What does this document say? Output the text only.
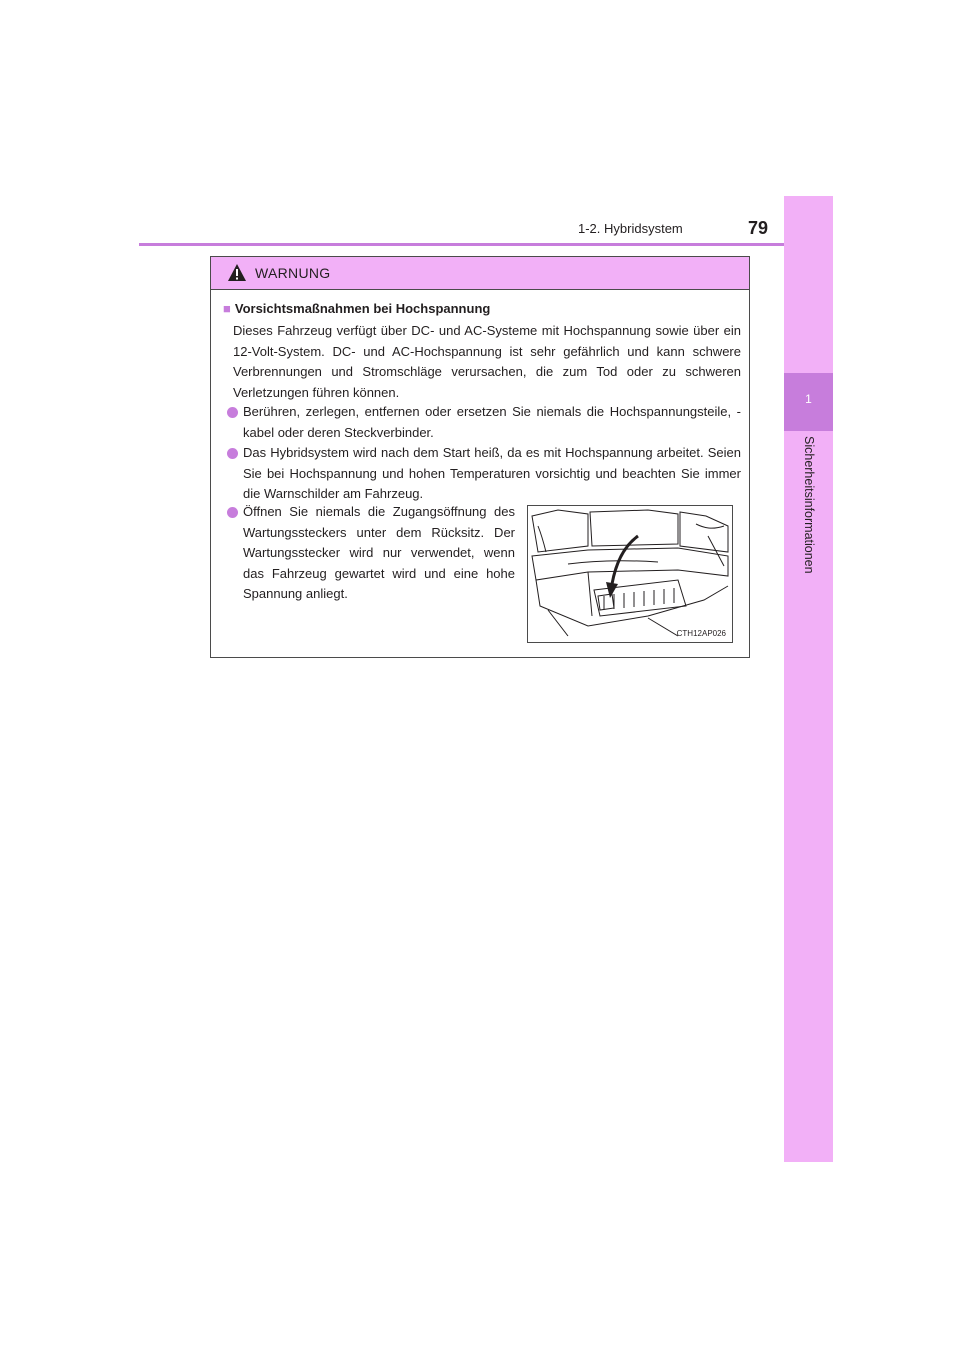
1-2. Hybridsystem	79
1
Sicherheitsinformationen
WARNUNG
■ Vorsichtsmaßnahmen bei Hochspannung
Dieses Fahrzeug verfügt über DC- und AC-Systeme mit Hochspannung sowie über ein 12-Volt-System. DC- und AC-Hochspannung ist sehr gefährlich und kann schwere Verbrennungen und Stromschläge verursachen, die zum Tod oder zu schweren Verletzungen führen können.
Berühren, zerlegen, entfernen oder ersetzen Sie niemals die Hochspannungsteile, -kabel oder deren Steckverbinder.
Das Hybridsystem wird nach dem Start heiß, da es mit Hochspannung arbeitet. Seien Sie bei Hochspannung und hohen Temperaturen vorsichtig und beachten Sie immer die Warnschilder am Fahrzeug.
Öffnen Sie niemals die Zugangsöffnung des Wartungssteckers unter dem Rücksitz. Der Wartungsstecker wird nur verwendet, wenn das Fahrzeug gewartet wird und eine hohe Spannung anliegt.
CTH12AP026
